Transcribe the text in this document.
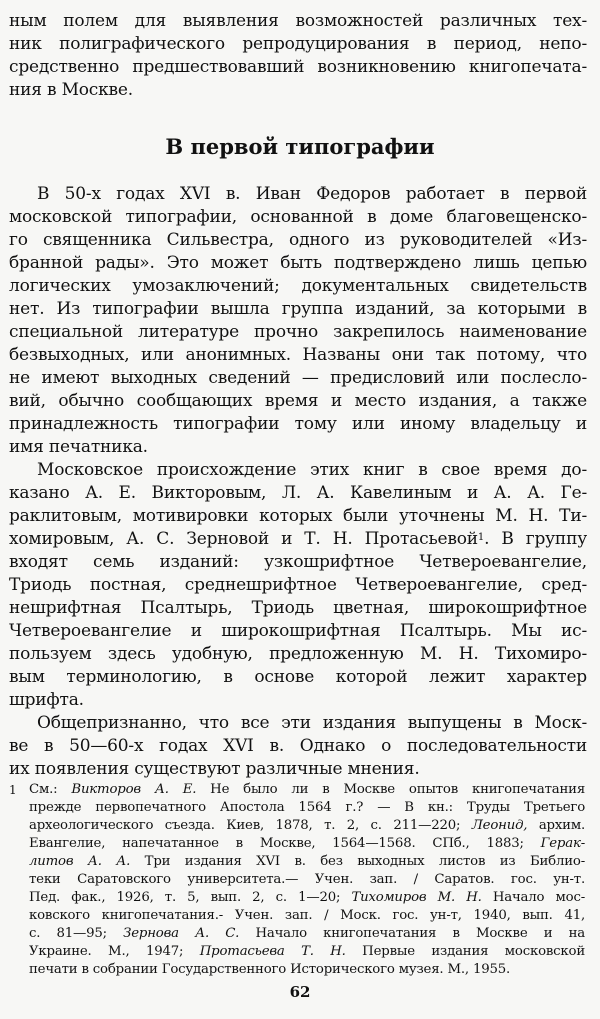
ным полем для выявления возможностей различных тех-
ник полиграфического репродуцирования в период, непо-
средственно предшествовавший возникновению книгопечата-
ния в Москве.
В первой типографии
В 50-х годах XVI в. Иван Федоров работает в первой
московской типографии, основанной в доме благовещенско-
го священника Сильвестра, одного из руководителей «Из-
бранной рады». Это может быть подтверждено лишь цепью
логических умозаключений; документальных свидетельств
нет. Из типографии вышла группа изданий, за которыми в
специальной литературе прочно закрепилось наименование
безвыходных, или анонимных. Названы они так потому, что
не имеют выходных сведений — предисловий или послесло-
вий, обычно сообщающих время и место издания, а также
принадлежность типографии тому или иному владельцу и
имя печатника.
Московское происхождение этих книг в свое время до-
казано А. Е. Викторовым, Л. А. Кавелиным и А. А. Ге-
раклитовым, мотивировки которых были уточнены М. Н. Ти-
хомировым, А. С. Зерновой и Т. Н. Протасьевой$^1$. В группу
входят семь изданий: узкошрифтное Четвероевангелие,
Триодь постная, среднешрифтное Четвероевангелие, сред-
нешрифтная Псалтырь, Триодь цветная, широкошрифтное
Четвероевангелие и широкошрифтная Псалтырь. Мы ис-
пользуем здесь удобную, предложенную М. Н. Тихомиро-
вым терминологию, в основе которой лежит характер
шрифта.
Общепризнанно, что все эти издания выпущены в Моск-
ве в 50—60-х годах XVI в. Однако о последовательности
их появления существуют различные мнения.
1 См.: Викторов А. Е. Не было ли в Москве опытов книгопечатания
прежде первопечатного Апостола 1564 г.? — В кн.: Труды Третьего
археологического съезда. Киев, 1878, т. 2, с. 211—220; Леонид, архим.
Евангелие, напечатанное в Москве, 1564—1568. СПб., 1883; Герак-
литов А. А. Три издания XVI в. без выходных листов из Библио-
теки Саратовского университета.— Учен. зап. / Саратов. гос. ун-т.
Пед. фак., 1926, т. 5, вып. 2, с. 1—20; Тихомиров М. Н. Начало мос-
ковского книгопечатания.- Учен. зап. / Моск. гос. ун-т, 1940, вып. 41,
с. 81—95; Зернова А. С. Начало книгопечатания в Москве и на
Украине. М., 1947; Протасьева Т. Н. Первые издания московской
печати в собрании Государственного Исторического музея. М., 1955.
62
